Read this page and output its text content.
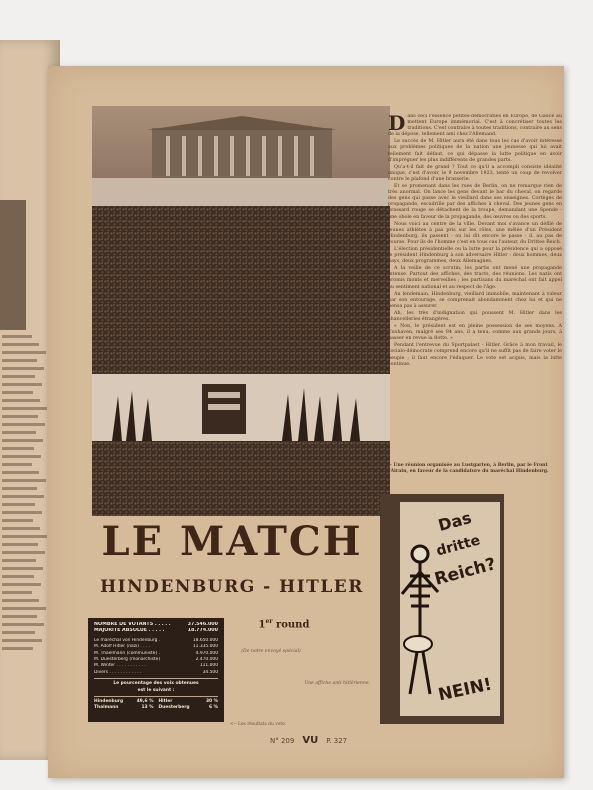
D ans ceci l'essence petites-démocraties en Europe, de Gauce au mettent Europe immémorial. C'est à concrétiser toutes les traditions. C'est contraire à toutes traditions, contraire au sens de la dépose, tellement ami chez l'Allemand.

Le succès de M. Hitler aura été dans tous les cas d'avoir intéressé aux problèmes politiques de la nation une jeunesse qui lui avait tellement fait défaut, ce qui dépasse la lutte politique en avoir d'imprégner les plus indifférents de grandes parts.

Qu'a-t-il fait de grand ? Tout ce qu'il a accompli consiste idéalité unique, c'est d'avoir, le 9 novembre 1923, tenté un coup de revolver contre le plafond d'une brasserie.

Et se promenant dans les rues de Berlin, on ne remarque rien de très anormal. On lance les gens devant le bar du cheval, on regarde des gens qui passe avec le vieillard dans ses enseignes. Cortèges de propagande, escadrille par des affiches à cheval. Des jeunes gens en brassard rouge se détachent de la troupe, demandant une Spende - une obole en faveur de la propagande, des œuvres ou des sports.

Nous voici au centre de la ville. Devant moi s'avance un défilé de jeunes athlètes à pas pris sur les rôles, une mêlée d'un Président Hindenburg, ils passent - ou lui dit encore le passe - il, au pas de course. Pour ils de l'homme c'est en tous cas l'auteur, du Drittes Reich.

L'élection présidentielle ou la lutte pour la présidence qui a opposé le président Hindenburg à son adversaire Hitler : deux hommes, deux pays, deux programmes, deux Allemagnes.

A la veille de ce scrutin, les partis ont mené une propagande intense. Partout des affiches, des tracts, des réunions. Les nazis ont promis monts et merveilles ; les partisans du maréchal ont fait appel au sentiment national et au respect de l'âge.

Au lendemain, Hindenburg, vieillard immobile, maintenant à valeur par son entourage, se comprenait abondamment chez lui et qui ne pensa pas à assurer.

Ah, les très d'indignation qui poussent M. Hitler dans les chancelleries étrangères.

« Non, le président est en pleine possession de ses moyens. A Cuxhaven, malgré ses 84 ans, il a tenu, comme aux grands jours, à passer en revue la flotte. »

Pendant l'entrevue du Sportpalast - Hitler. Grâce à mon travail, le socialo-démocrate comprend encore qu'il ne suffit pas de faire voter le peuple ; il faut encore l'éduquer. Le vote est acquis, mais la lutte continue.

LE MATCH
HINDENBURG - HITLER
NOMBRE DE VOTANTS . . . . .	37.546.000
MAJORITÉ ABSOLUE . . . . .	18.774.000
Le maréchal von Hindenburg .	18.650.000
M. Adolf Hitler (nazi) . . . .	11.335.000
M. Thaelmann (communiste) .	4.970.000
M. Duesterberg (monarchiste)	2.470.000
M. Winter . . . . . . . . . . .	111.000
Divers . . . . . . . . . . . .	34.500
Le pourcentage des voix obtenues
est le suivant :
Hindenburg	49,6 % Hitler	30 %
Thalmann	13 % Duesterberg	6 %
1er round
(De notre envoyé spécial)
Une affiche anti-hitlérienne.
<-- Les résultats du vote.
N° 209 VU P. 327
<- Une réunion organisée au Lustgarten, à Berlin, par le Front d'Airain, en faveur de la candidature du maréchal Hindenburg.
Das
dritte
Reich?
NEIN!
